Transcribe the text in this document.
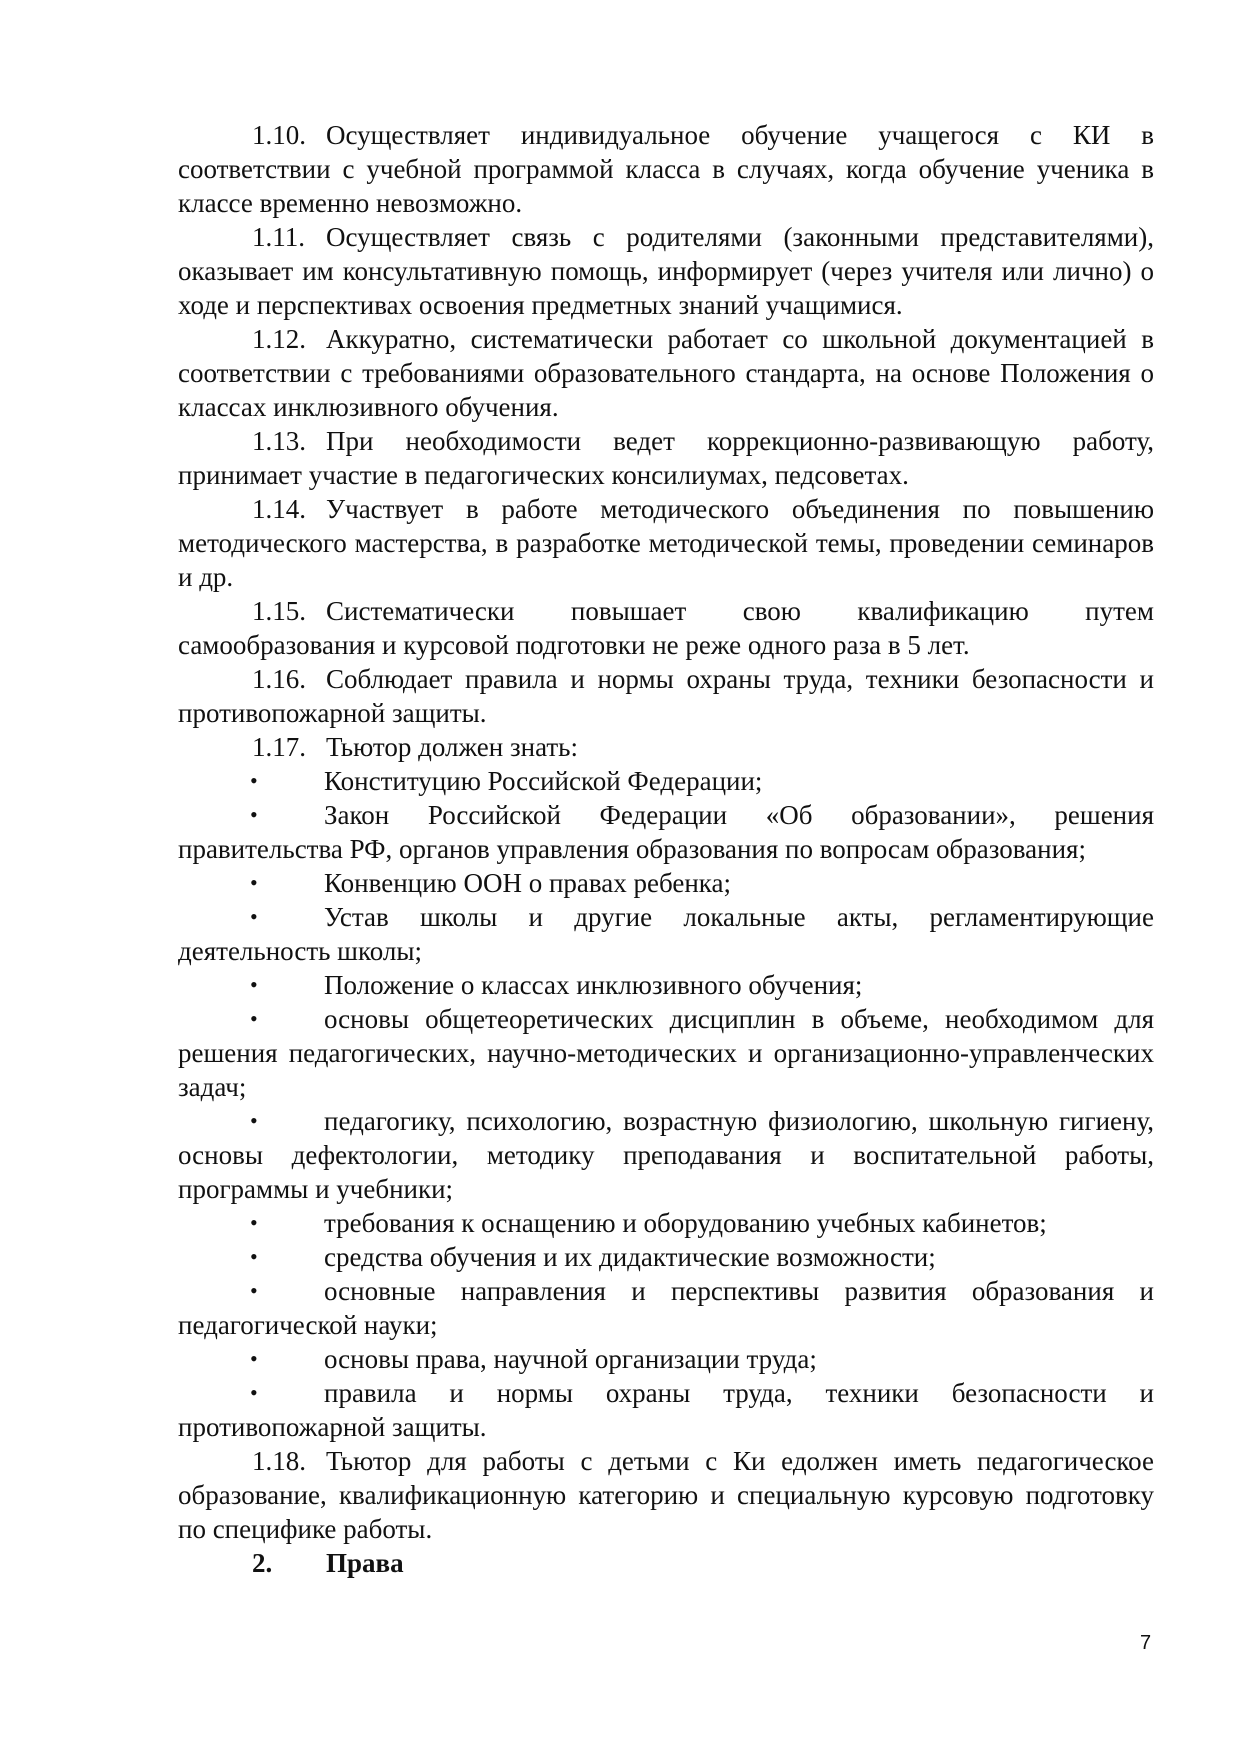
1.10. Осуществляет индивидуальное обучение учащегося с КИ в соответствии с учебной программой класса в случаях, когда обучение ученика в классе временно невозможно.

1.11. Осуществляет связь с родителями (законными представителями), оказывает им консультативную помощь, информирует (через учителя или лично) о ходе и перспективах освоения предметных знаний учащимися.

1.12. Аккуратно, систематически работает со школьной документацией в соответствии с требованиями образовательного стандарта, на основе Положения о классах инклюзивного обучения.

1.13. При необходимости ведет коррекционно-развивающую работу, принимает участие в педагогических консилиумах, педсоветах.

1.14. Участвует в работе методического объединения по повышению методического мастерства, в разработке методической темы, проведении семинаров и др.

1.15. Систематически повышает свою квалификацию путем самообразования и курсовой подготовки не реже одного раза в 5 лет.

1.16. Соблюдает правила и нормы охраны труда, техники безопасности и противопожарной защиты.

1.17. Тьютор должен знать:

• Конституцию Российской Федерации;

• Закон Российской Федерации «Об образовании», решения правительства РФ, органов управления образования по вопросам образования;

• Конвенцию ООН о правах ребенка;

• Устав школы и другие локальные акты, регламентирующие деятельность школы;

• Положение о классах инклюзивного обучения;

• основы общетеоретических дисциплин в объеме, необходимом для решения педагогических, научно-методических и организационно-управленческих задач;

• педагогику, психологию, возрастную физиологию, школьную гигиену, основы дефектологии, методику преподавания и воспитательной работы, программы и учебники;

• требования к оснащению и оборудованию учебных кабинетов;

• средства обучения и их дидактические возможности;

• основные направления и перспективы развития образования и педагогической науки;

• основы права, научной организации труда;

• правила и нормы охраны труда, техники безопасности и противопожарной защиты.

1.18. Тьютор для работы с детьми с Ки едолжен иметь педагогическое образование, квалификационную категорию и специальную курсовую подготовку по специфике работы.

2. Права

7
